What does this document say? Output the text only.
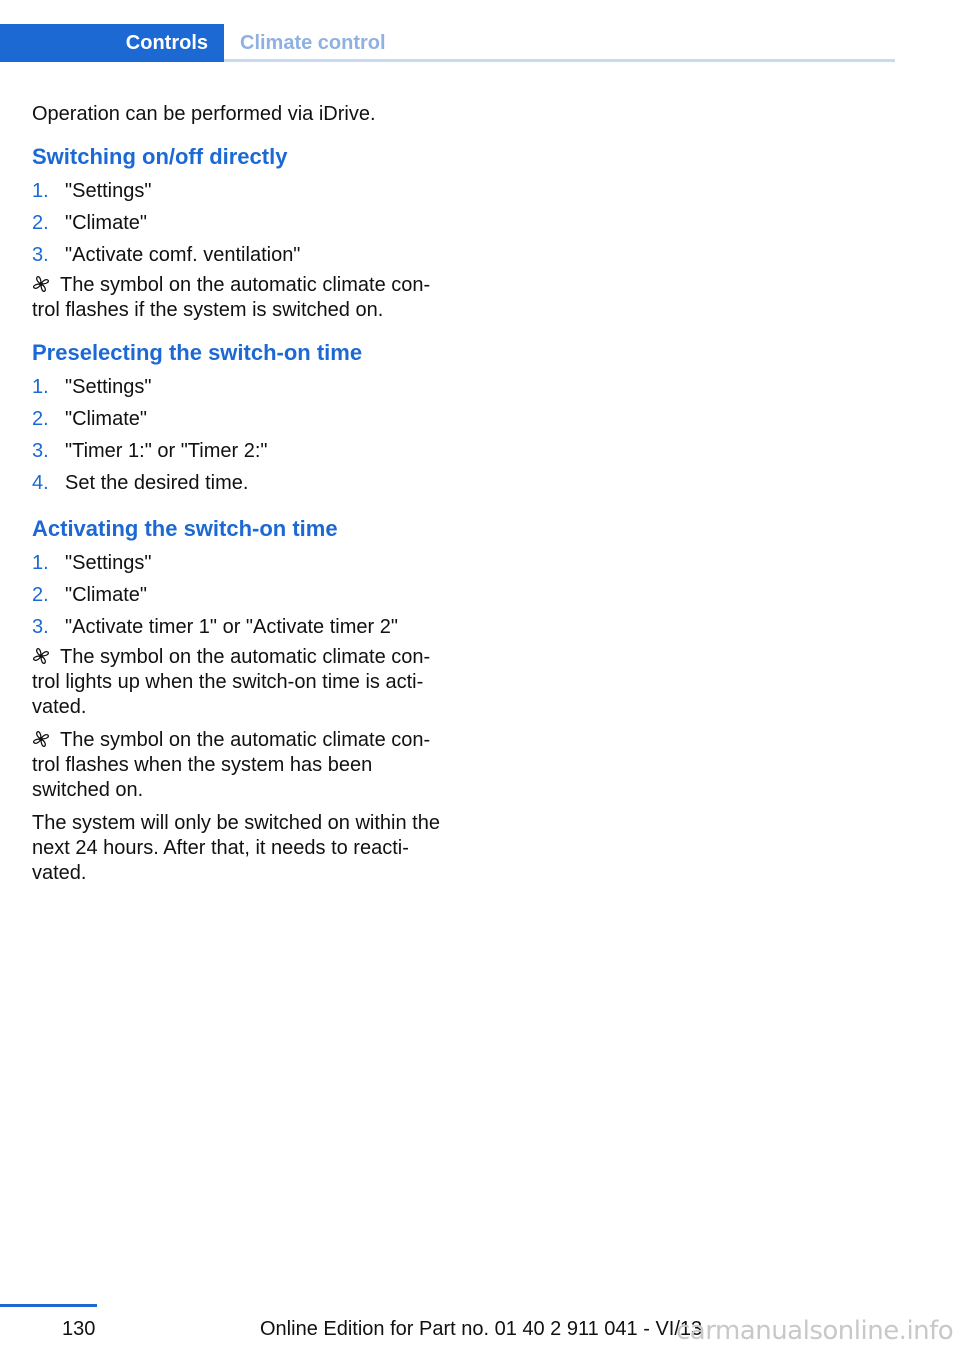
Controls	Climate control

Operation can be performed via iDrive.

Switching on/off directly
1. "Settings"
2. "Climate"
3. "Activate comf. ventilation"

The symbol on the automatic climate con-trol flashes if the system is switched on.

Preselecting the switch-on time
1. "Settings"
2. "Climate"
3. "Timer 1:" or "Timer 2:"
4. Set the desired time.
Activating the switch-on time
1. "Settings"
2. "Climate"
3. "Activate timer 1" or "Activate timer 2"

The symbol on the automatic climate con-trol lights up when the switch-on time is acti-vated.

The symbol on the automatic climate con-trol flashes when the system has been switched on.

The system will only be switched on within the next 24 hours. After that, it needs to reacti-vated.

130	Online Edition for Part no. 01 40 2 911 041 - VI/13
carmanualsonline.info
